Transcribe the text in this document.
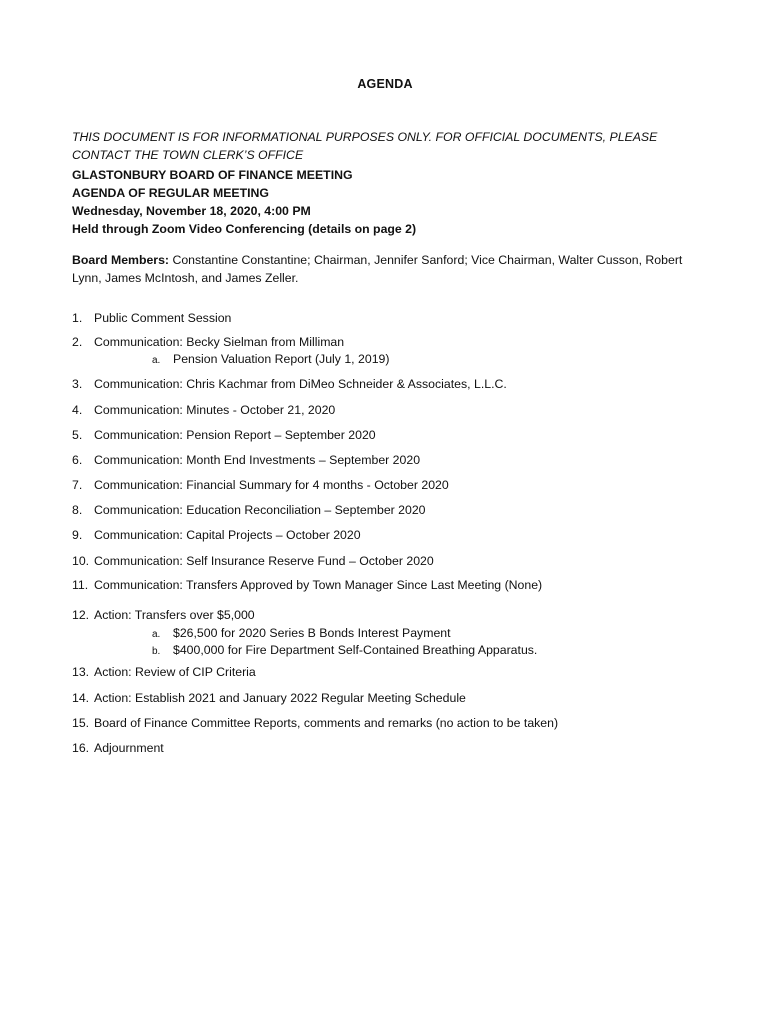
AGENDA
THIS DOCUMENT IS FOR INFORMATIONAL PURPOSES ONLY. FOR OFFICIAL DOCUMENTS, PLEASE CONTACT THE TOWN CLERK’S OFFICE
GLASTONBURY BOARD OF FINANCE MEETING
AGENDA OF REGULAR MEETING
Wednesday, November 18, 2020, 4:00 PM
Held through Zoom Video Conferencing (details on page 2)
Board Members: Constantine Constantine; Chairman, Jennifer Sanford; Vice Chairman, Walter Cusson, Robert Lynn, James McIntosh, and James Zeller.
1. Public Comment Session
2. Communication: Becky Sielman from Milliman
a. Pension Valuation Report (July 1, 2019)
3. Communication: Chris Kachmar from DiMeo Schneider & Associates, L.L.C.
4. Communication: Minutes - October 21, 2020
5. Communication: Pension Report – September 2020
6. Communication: Month End Investments – September 2020
7. Communication: Financial Summary for 4 months - October 2020
8. Communication: Education Reconciliation – September 2020
9. Communication: Capital Projects – October 2020
10. Communication: Self Insurance Reserve Fund – October 2020
11. Communication: Transfers Approved by Town Manager Since Last Meeting (None)
12. Action: Transfers over $5,000
a. $26,500 for 2020 Series B Bonds Interest Payment
b. $400,000 for Fire Department Self-Contained Breathing Apparatus.
13. Action: Review of CIP Criteria
14. Action: Establish 2021 and January 2022 Regular Meeting Schedule
15. Board of Finance Committee Reports, comments and remarks (no action to be taken)
16. Adjournment
